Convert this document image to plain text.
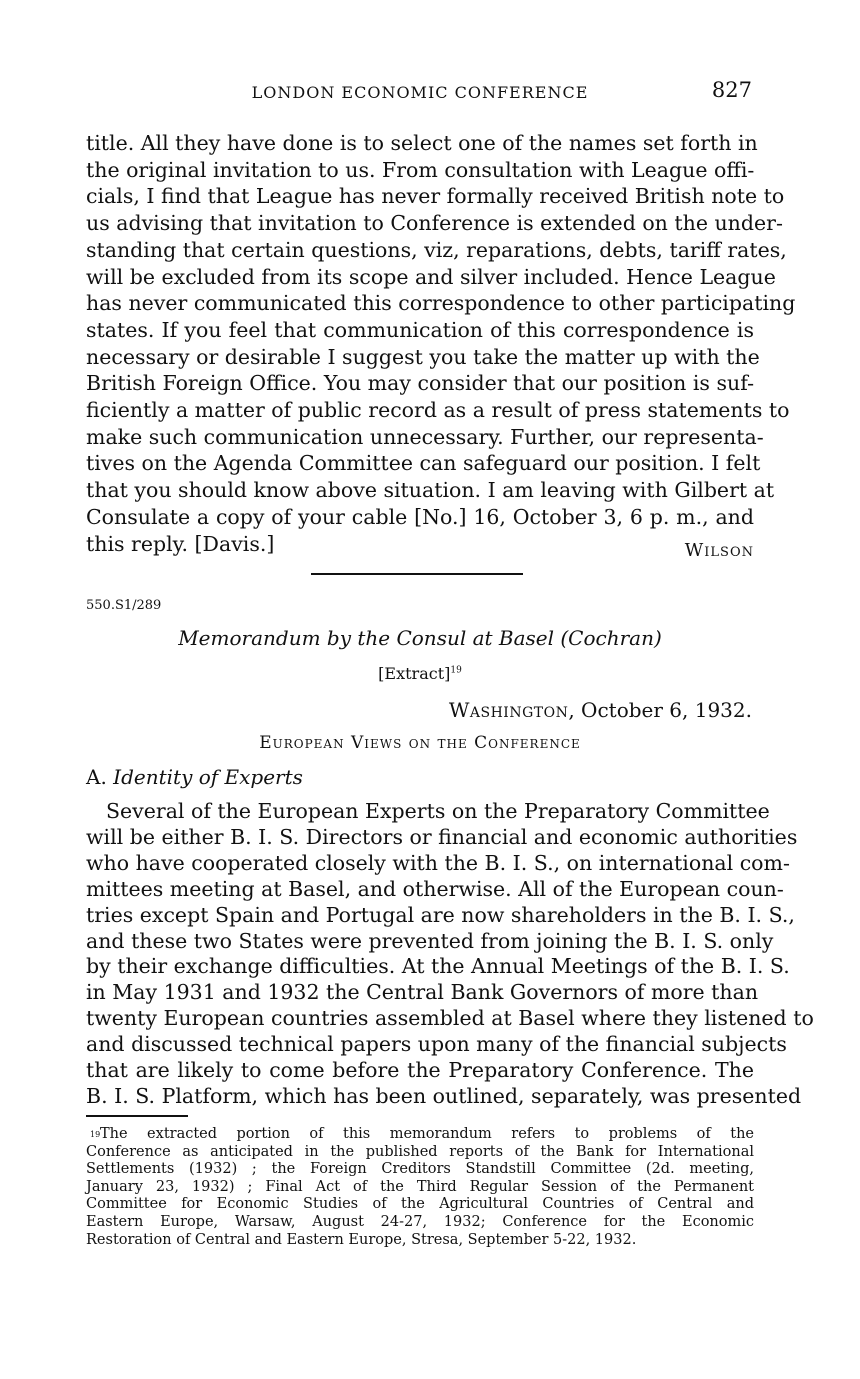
LONDON ECONOMIC CONFERENCE	827
title. All they have done is to select one of the names set forth in
the original invitation to us. From consultation with League offi-
cials, I find that League has never formally received British note to
us advising that invitation to Conference is extended on the under-
standing that certain questions, viz, reparations, debts, tariff rates,
will be excluded from its scope and silver included. Hence League
has never communicated this correspondence to other participating
states. If you feel that communication of this correspondence is
necessary or desirable I suggest you take the matter up with the
British Foreign Office. You may consider that our position is suf-
ficiently a matter of public record as a result of press statements to
make such communication unnecessary. Further, our representa-
tives on the Agenda Committee can safeguard our position. I felt
that you should know above situation. I am leaving with Gilbert at
Consulate a copy of your cable [No.] 16, October 3, 6 p. m., and
this reply. [Davis.]	Wilson
550.S1/289
Memorandum by the Consul at Basel (Cochran)
[Extract]$^{19}$
Washington, October 6, 1932.
European Views on the Conference
A. Identity of Experts
Several of the European Experts on the Preparatory Committee
will be either B. I. S. Directors or financial and economic authorities
who have cooperated closely with the B. I. S., on international com-
mittees meeting at Basel, and otherwise. All of the European coun-
tries except Spain and Portugal are now shareholders in the B. I. S.,
and these two States were prevented from joining the B. I. S. only
by their exchange difficulties. At the Annual Meetings of the B. I. S.
in May 1931 and 1932 the Central Bank Governors of more than
twenty European countries assembled at Basel where they listened to
and discussed technical papers upon many of the financial subjects
that are likely to come before the Preparatory Conference. The
B. I. S. Platform, which has been outlined, separately, was presented
19 The extracted portion of this memorandum refers to problems of the
Conference as anticipated in the published reports of the Bank for International
Settlements (1932) ; the Foreign Creditors Standstill Committee (2d. meeting,
January 23, 1932) ; Final Act of the Third Regular Session of the Permanent
Committee for Economic Studies of the Agricultural Countries of Central and
Eastern Europe, Warsaw, August 24-27, 1932; Conference for the Economic
Restoration of Central and Eastern Europe, Stresa, September 5-22, 1932.
